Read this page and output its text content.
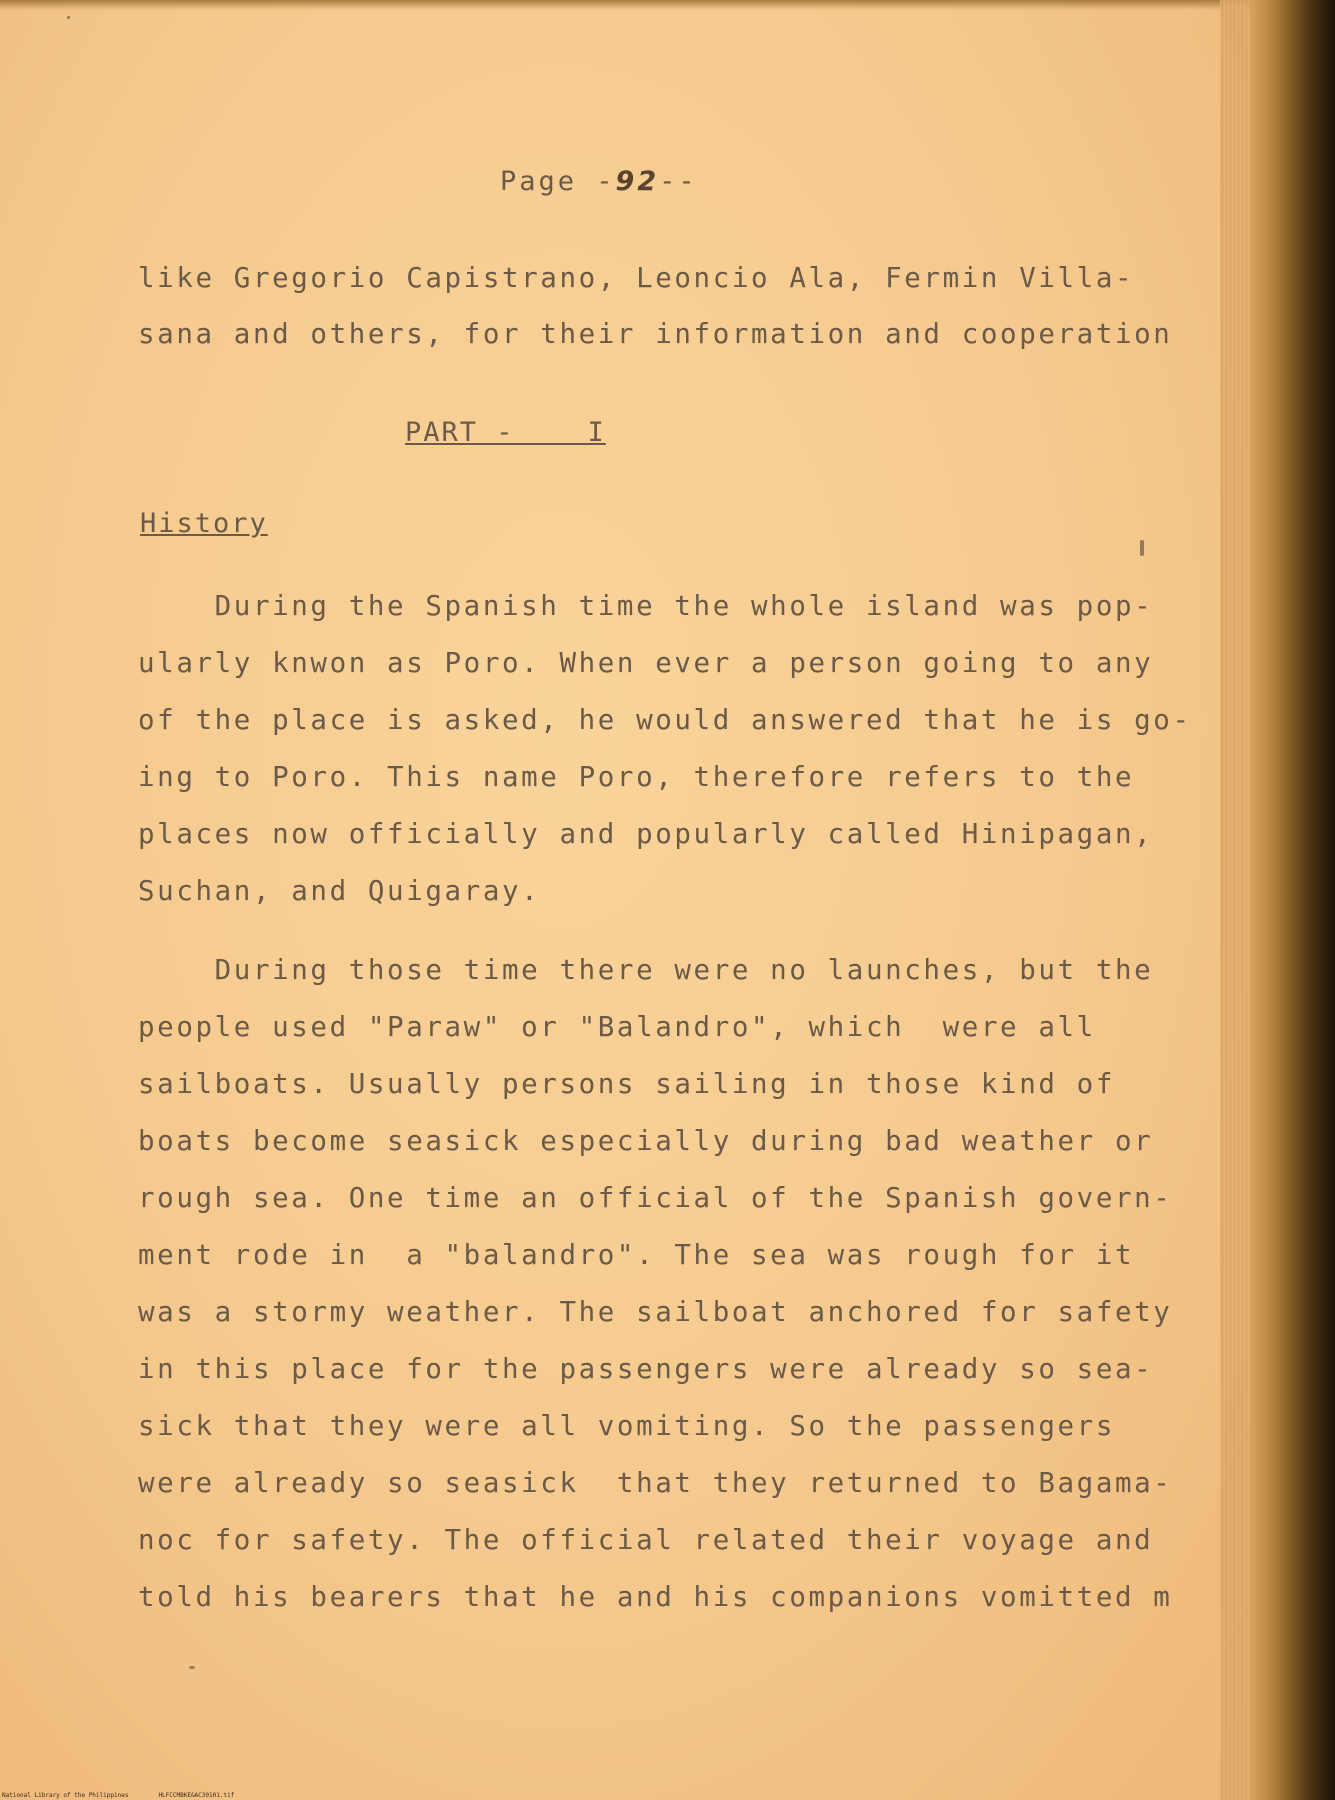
Page -92--
like Gregorio Capistrano, Leoncio Ala, Fermin Villa-
sana and others, for their information and cooperation
PART -    I
History
During the Spanish time the whole island was pop-
ularly knwon as Poro. When ever a person going to any
of the place is asked, he would answered that he is go-
ing to Poro. This name Poro, therefore refers to the
places now officially and popularly called Hinipagan,
Suchan, and Quigaray.
During those time there were no launches, but the
people used "Paraw" or "Balandro", which  were all
sailboats. Usually persons sailing in those kind of
boats become seasick especially during bad weather or
rough sea. One time an official of the Spanish govern-
ment rode in  a "balandro". The sea was rough for it
was a stormy weather. The sailboat anchored for safety
in this place for the passengers were already so sea-
sick that they were all vomiting. So the passengers
were already so seasick  that they returned to Bagama-
noc for safety. The official related their voyage and
told his bearers that he and his companions vomitted m
National Library of the Philippines	HLFCCMBKE&AC30101.tif
